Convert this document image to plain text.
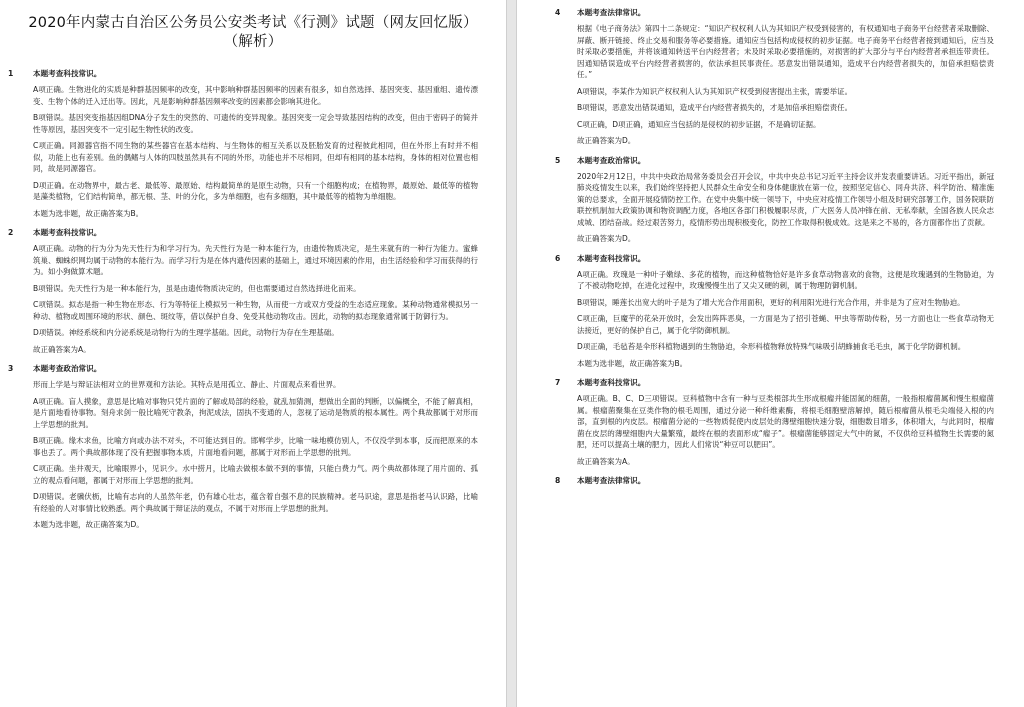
2020年内蒙古自治区公务员公安类考试《行测》试题（网友回忆版）（解析）
1	本题考查科技常识。

A项正确。生物进化的实质是种群基因频率的改变，其中影响种群基因频率的因素有很多，如自然选择、基因突变、基因重组、遗传漂变、生物个体的迁入迁出等。因此，凡是影响种群基因频率改变的因素都会影响其进化。

B项错误。基因突变指基因组DNA分子发生的突然的、可遗传的变异现象。基因突变一定会导致基因结构的改变，但由于密码子的简并性等原因，基因突变不一定引起生物性状的改变。

C项正确。同源器官指不同生物的某些器官在基本结构、与生物体的相互关系以及胚胎发育的过程彼此相同，但在外形上有时并不相似，功能上也有差别。鱼的偶鳍与人体的四肢虽然具有不同的外形，功能也并不尽相同，但却有相同的基本结构，身体的相对位置也相同，故是同源器官。

D项正确。在动物界中，最古老、最低等、最原始、结构最简单的是原生动物，只有一个细胞构成；在植物界，最原始、最低等的植物是藻类植物，它们结构简单，都无根、茎、叶的分化，多为单细胞，也有多细胞，其中最低等的植物为单细胞。

本题为选非题，故正确答案为B。

2	本题考查科技常识。

A项正确。动物的行为分为先天性行为和学习行为。先天性行为是一种本能行为，由遗传物质决定，是生来就有的一种行为能力。蜜蜂筑巢、蜘蛛织网均属于动物的本能行为。而学习行为是在体内遗传因素的基础上，通过环境因素的作用，由生活经验和学习而获得的行为。如小狗做算术题。

B项错误。先天性行为是一种本能行为，虽是由遗传物质决定的，但也需要通过自然选择进化而来。

C项错误。拟态是指一种生物在形态、行为等特征上模拟另一种生物，从而使一方或双方受益的生态适应现象。某种动物通常模拟另一种动、植物或周围环境的形状、颜色、斑纹等，借以保护自身、免受其他动物攻击。因此，动物的拟态现象通常属于防御行为。

D项错误。神经系统和内分泌系统是动物行为的生理学基础。因此，动物行为存在生理基础。

故正确答案为A。

3	本题考查政治常识。

形而上学是与辩证法相对立的世界观和方法论。其特点是用孤立、静止、片面观点来看世界。

A项正确。盲人摸象，意思是比喻对事物只凭片面的了解或局部的经验，就乱加猜测，想做出全面的判断，以偏概全，不能了解真相，是片面地看待事物。刻舟求剑一般比喻死守教条，拘泥成法，固执不变通的人，忽视了运动是物质的根本属性。两个典故都属于对形而上学思想的批判。

B项正确。缘木求鱼，比喻方向或办法不对头，不可能达到目的。邯郸学步，比喻一味地模仿别人，不仅没学到本事，反而把原来的本事也丢了。两个典故都体现了没有把握事物本质，片面地看问题，都属于对形而上学思想的批判。

C项正确。坐井观天，比喻眼界小，见识少。水中捞月，比喻去做根本做不到的事情，只能白费力气。两个典故都体现了用片面的、孤立的观点看问题，都属于对形而上学思想的批判。

D项错误。老骥伏枥，比喻有志向的人虽然年老，仍有雄心壮志，蕴含着自强不息的民族精神。老马识途，意思是指老马认识路，比喻有经验的人对事情比较熟悉。两个典故属于辩证法的观点，不属于对形而上学思想的批判。

本题为选非题，故正确答案为D。

4 本题考查法律常识。

根据《电子商务法》第四十二条规定：“知识产权权利人认为其知识产权受到侵害的，有权通知电子商务平台经营者采取删除、屏蔽、断开链接、终止交易和服务等必要措施。通知应当包括构成侵权的初步证据。电子商务平台经营者接到通知后，应当及时采取必要措施，并将该通知转送平台内经营者；未及时采取必要措施的，对损害的扩大部分与平台内经营者承担连带责任。因通知错误造成平台内经营者损害的，依法承担民事责任。恶意发出错误通知，造成平台内经营者损失的，加倍承担赔偿责任。”

A项错误，李某作为知识产权权利人认为其知识产权受到侵害提出主张，需要举证。

B项错误，恶意发出错误通知，造成平台内经营者损失的，才是加倍承担赔偿责任。

C项正确，D项正确，通知应当包括的是侵权的初步证据，不是确切证据。

故正确答案为D。

5 本题考查政治常识。

2020年2月12日，中共中央政治局常务委员会召开会议，中共中央总书记习近平主持会议并发表重要讲话。习近平指出，新冠肺炎疫情发生以来，我们始终坚持把人民群众生命安全和身体健康放在第一位，按照坚定信心、同舟共济、科学防治、精准施策的总要求，全面开展疫情防控工作。在党中央集中统一领导下，中央应对疫情工作领导小组及时研究部署工作，国务院联防联控机制加大政策协调和物资调配力度，各地区各部门积极履职尽责，广大医务人员冲锋在前、无私奉献，全国各族人民众志成城、团结奋战。经过艰苦努力，疫情形势出现积极变化，防控工作取得积极成效。这是来之不易的，各方面都作出了贡献。

故正确答案为D。

6 本题考查科技常识。

A项正确。玫瑰是一种叶子嫩绿、多花的植物，而这种植物恰好是许多食草动物喜欢的食物，这便是玫瑰遇到的生物胁迫，为了不被动物吃掉，在进化过程中，玫瑰慢慢生出了又尖又硬的刺，属于物理防御机制。

B项错误，睡莲长出宽大的叶子是为了增大光合作用面积，更好的利用阳光进行光合作用，并非是为了应对生物胁迫。

C项正确，巨魔芋的花朵开放时，会发出阵阵恶臭，一方面是为了招引苍蝇、甲虫等帮助传粉，另一方面也让一些食草动物无法接近，更好的保护自己，属于化学防御机制。

D项正确，毛毡苔是伞形科植物遇到的生物胁迫，伞形科植物释放特殊气味吸引胡蜂捕食毛毛虫，属于化学防御机制。

本题为选非题，故正确答案为B。

7 本题考查科技常识。

A项正确。B、C、D三项错误。豆科植物中含有一种与豆类根部共生形成根瘤并能固氮的细菌，一般指根瘤菌属和慢生根瘤菌属。根瘤菌聚集在豆类作物的根毛周围，通过分泌一种纤维素酶，将根毛细胞壁溶解掉，随后根瘤菌从根毛尖端侵入根的内部，直到根的内皮层。根瘤菌分泌的一些物质促使内皮层处的薄壁细胞快速分裂，细胞数目增多，体积增大，与此同时，根瘤菌在皮层的薄壁细胞内大量繁殖，最终在根的表面形成“瘤子”。根瘤菌能够固定大气中的氮，不仅供给豆科植物生长需要的氮肥，还可以提高土壤的肥力，因此人们常说“种豆可以肥田”。

故正确答案为A。

8 本题考查法律常识。
